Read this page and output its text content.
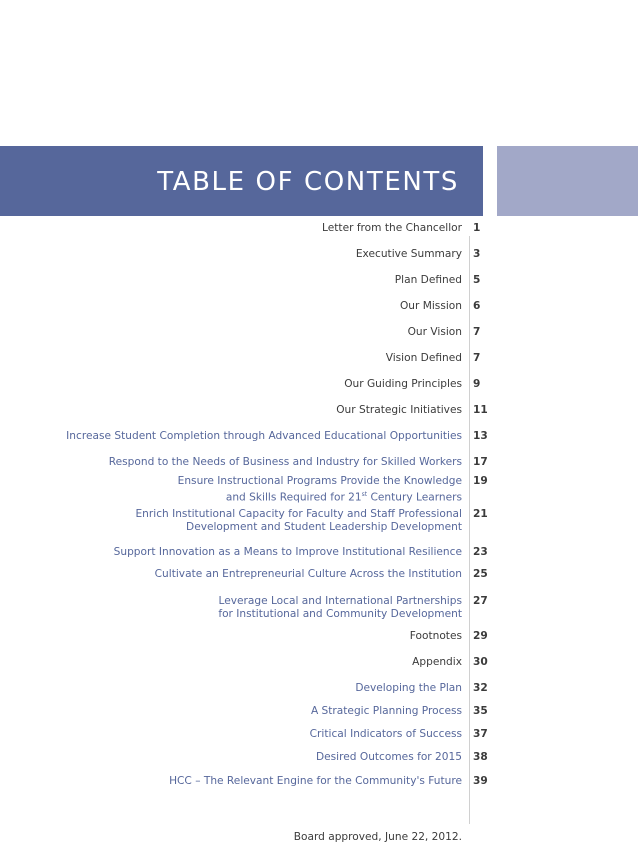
TABLE OF CONTENTS
Letter from the Chancellor 1
Executive Summary 3
Plan Defined 5
Our Mission 6
Our Vision 7
Vision Defined 7
Our Guiding Principles 9
Our Strategic Initiatives 11
Increase Student Completion through Advanced Educational Opportunities 13
Respond to the Needs of Business and Industry for Skilled Workers 17
Ensure Instructional Programs Provide the Knowledge
and Skills Required for 21st Century Learners
19
Enrich Institutional Capacity for Faculty and Staff Professional
Development and Student Leadership Development
21
Support Innovation as a Means to Improve Institutional Resilience 23
Cultivate an Entrepreneurial Culture Across the Institution 25
Leverage Local and International Partnerships
for Institutional and Community Development
27
Footnotes 29
Appendix 30
Developing the Plan 32
A Strategic Planning Process 35
Critical Indicators of Success 37
Desired Outcomes for 2015 38
HCC – The Relevant Engine for the Community's Future 39
Board approved, June 22, 2012.
